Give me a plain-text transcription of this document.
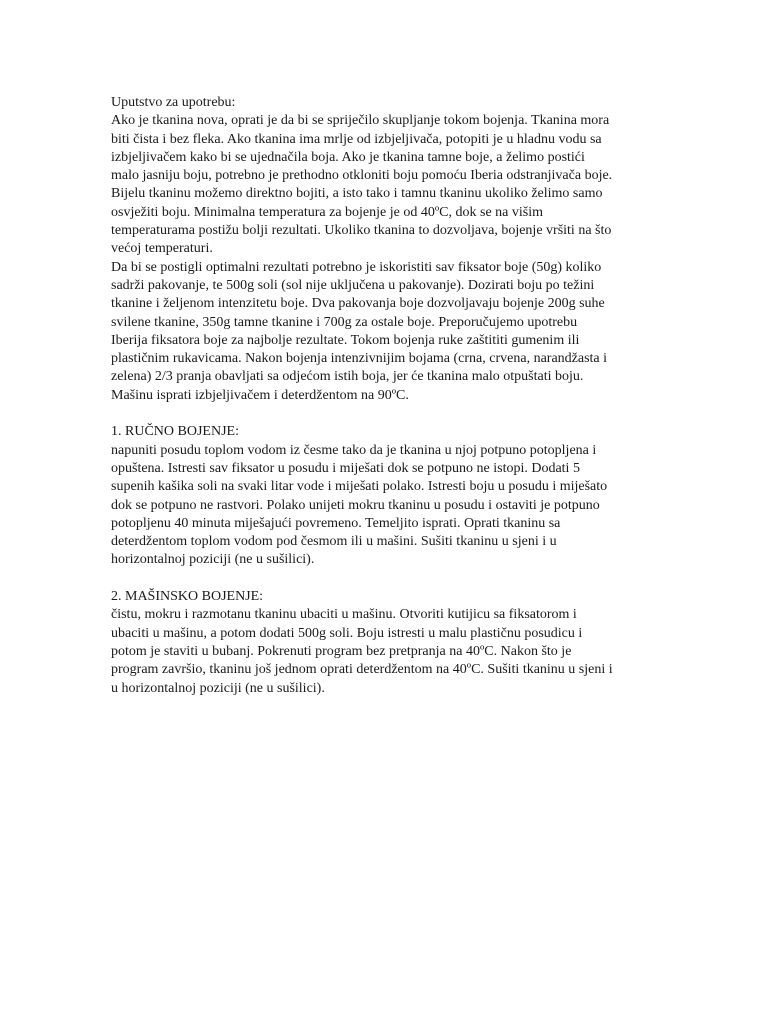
Uputstvo za upotrebu:
Ako je tkanina nova, oprati je da bi se spriječilo skupljanje tokom bojenja. Tkanina mora
biti čista i bez fleka. Ako tkanina ima mrlje od izbjeljivača, potopiti je u hladnu vodu sa
izbjeljivačem kako bi se ujednačila boja. Ako je tkanina tamne boje, a želimo postići
malo jasniju boju, potrebno je prethodno otkloniti boju pomoću Iberia odstranjivača boje.
Bijelu tkaninu možemo direktno bojiti, a isto tako i tamnu tkaninu ukoliko želimo samo
osvježiti boju. Minimalna temperatura za bojenje je od 40ºC, dok se na višim
temperaturama postižu bolji rezultati. Ukoliko tkanina to dozvoljava, bojenje vršiti na što
većoj temperaturi.
Da bi se postigli optimalni rezultati potrebno je iskoristiti sav fiksator boje (50g) koliko
sadrži pakovanje, te 500g soli (sol nije uključena u pakovanje). Dozirati boju po težini
tkanine i željenom intenzitetu boje. Dva pakovanja boje dozvoljavaju bojenje 200g suhe
svilene tkanine, 350g tamne tkanine i 700g za ostale boje. Preporučujemo upotrebu
Iberija fiksatora boje za najbolje rezultate. Tokom bojenja ruke zaštititi gumenim ili
plastičnim rukavicama. Nakon bojenja intenzivnijim bojama (crna, crvena, narandžasta i
zelena) 2/3 pranja obavljati sa odjećom istih boja, jer će tkanina malo otpuštati boju.
Mašinu isprati izbjeljivačem i deterdžentom na 90ºC.
1. RUČNO BOJENJE:
napuniti posudu toplom vodom iz česme tako da je tkanina u njoj potpuno potopljena i
opuštena. Istresti sav fiksator u posudu i miješati dok se potpuno ne istopi. Dodati 5
supenih kašika soli na svaki litar vode i miješati polako. Istresti boju u posudu i miješato
dok se potpuno ne rastvori. Polako unijeti mokru tkaninu u posudu i ostaviti je potpuno
potopljenu 40 minuta miješajući povremeno. Temeljito isprati. Oprati tkaninu sa
deterdžentom toplom vodom pod česmom ili u mašini. Sušiti tkaninu u sjeni i u
horizontalnoj poziciji (ne u sušilici).
2. MAŠINSKO BOJENJE:
čistu, mokru i razmotanu tkaninu ubaciti u mašinu. Otvoriti kutijicu sa fiksatorom i
ubaciti u mašinu, a potom dodati 500g soli. Boju istresti u malu plastičnu posudicu i
potom je staviti u bubanj. Pokrenuti program bez pretpranja na 40ºC. Nakon što je
program završio, tkaninu još jednom oprati deterdžentom na 40ºC. Sušiti tkaninu u sjeni i
u horizontalnoj poziciji (ne u sušilici).
